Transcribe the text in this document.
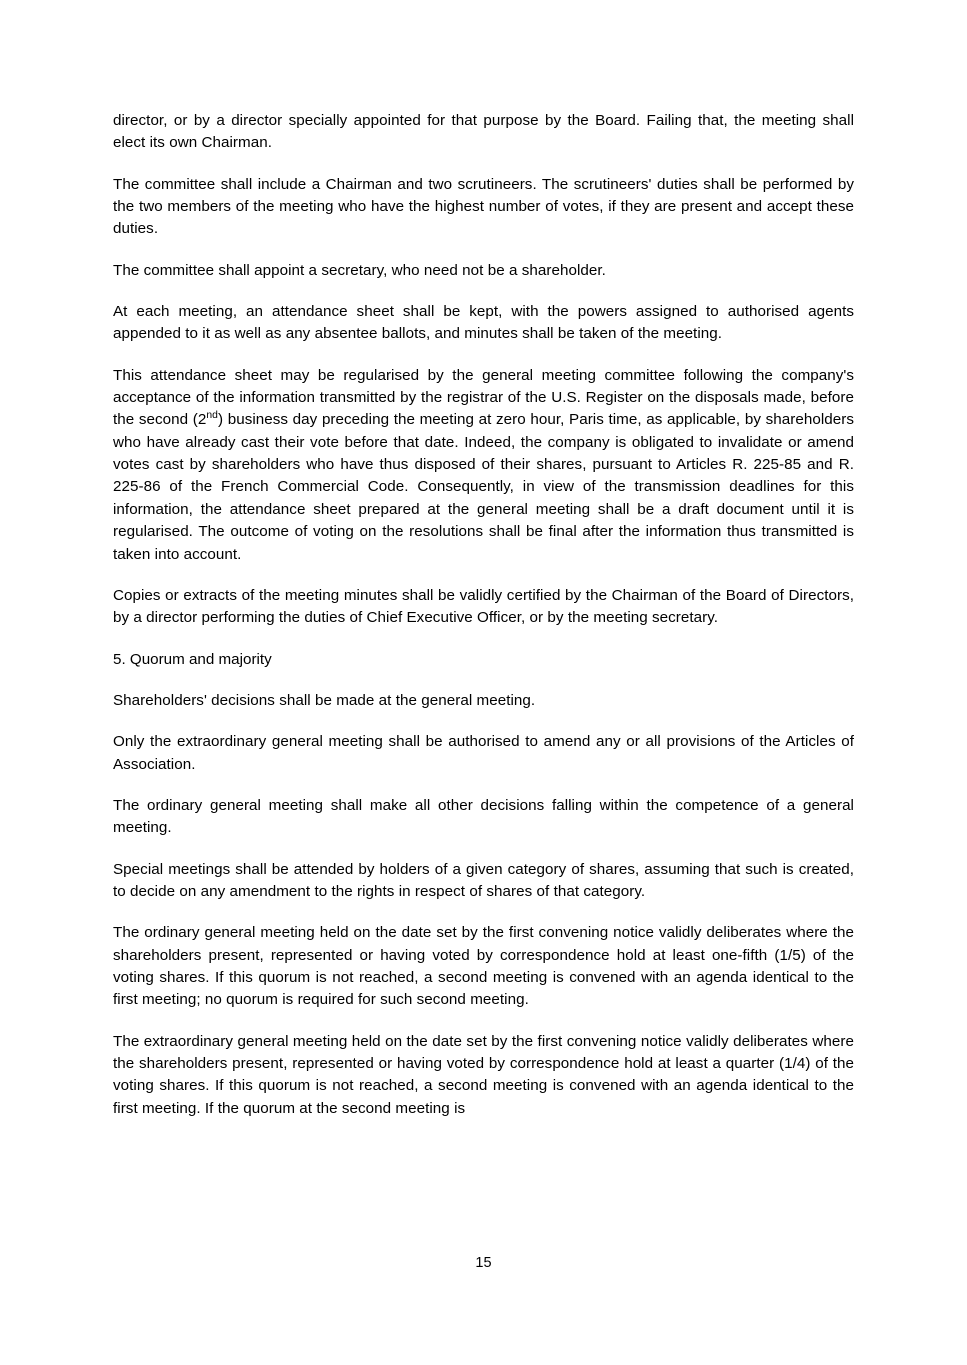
director, or by a director specially appointed for that purpose by the Board. Failing that, the meeting shall elect its own Chairman.

The committee shall include a Chairman and two scrutineers. The scrutineers' duties shall be performed by the two members of the meeting who have the highest number of votes, if they are present and accept these duties.

The committee shall appoint a secretary, who need not be a shareholder.

At each meeting, an attendance sheet shall be kept, with the powers assigned to authorised agents appended to it as well as any absentee ballots, and minutes shall be taken of the meeting.

This attendance sheet may be regularised by the general meeting committee following the company's acceptance of the information transmitted by the registrar of the U.S. Register on the disposals made, before the second (2nd) business day preceding the meeting at zero hour, Paris time, as applicable, by shareholders who have already cast their vote before that date. Indeed, the company is obligated to invalidate or amend votes cast by shareholders who have thus disposed of their shares, pursuant to Articles R. 225-85 and R. 225-86 of the French Commercial Code. Consequently, in view of the transmission deadlines for this information, the attendance sheet prepared at the general meeting shall be a draft document until it is regularised. The outcome of voting on the resolutions shall be final after the information thus transmitted is taken into account.

Copies or extracts of the meeting minutes shall be validly certified by the Chairman of the Board of Directors, by a director performing the duties of Chief Executive Officer, or by the meeting secretary.

5. Quorum and majority

Shareholders' decisions shall be made at the general meeting.

Only the extraordinary general meeting shall be authorised to amend any or all provisions of the Articles of Association.

The ordinary general meeting shall make all other decisions falling within the competence of a general meeting.

Special meetings shall be attended by holders of a given category of shares, assuming that such is created, to decide on any amendment to the rights in respect of shares of that category.

The ordinary general meeting held on the date set by the first convening notice validly deliberates where the shareholders present, represented or having voted by correspondence hold at least one-fifth (1/5) of the voting shares. If this quorum is not reached, a second meeting is convened with an agenda identical to the first meeting; no quorum is required for such second meeting.

The extraordinary general meeting held on the date set by the first convening notice validly deliberates where the shareholders present, represented or having voted by correspondence hold at least a quarter (1/4) of the voting shares. If this quorum is not reached, a second meeting is convened with an agenda identical to the first meeting. If the quorum at the second meeting is

15
